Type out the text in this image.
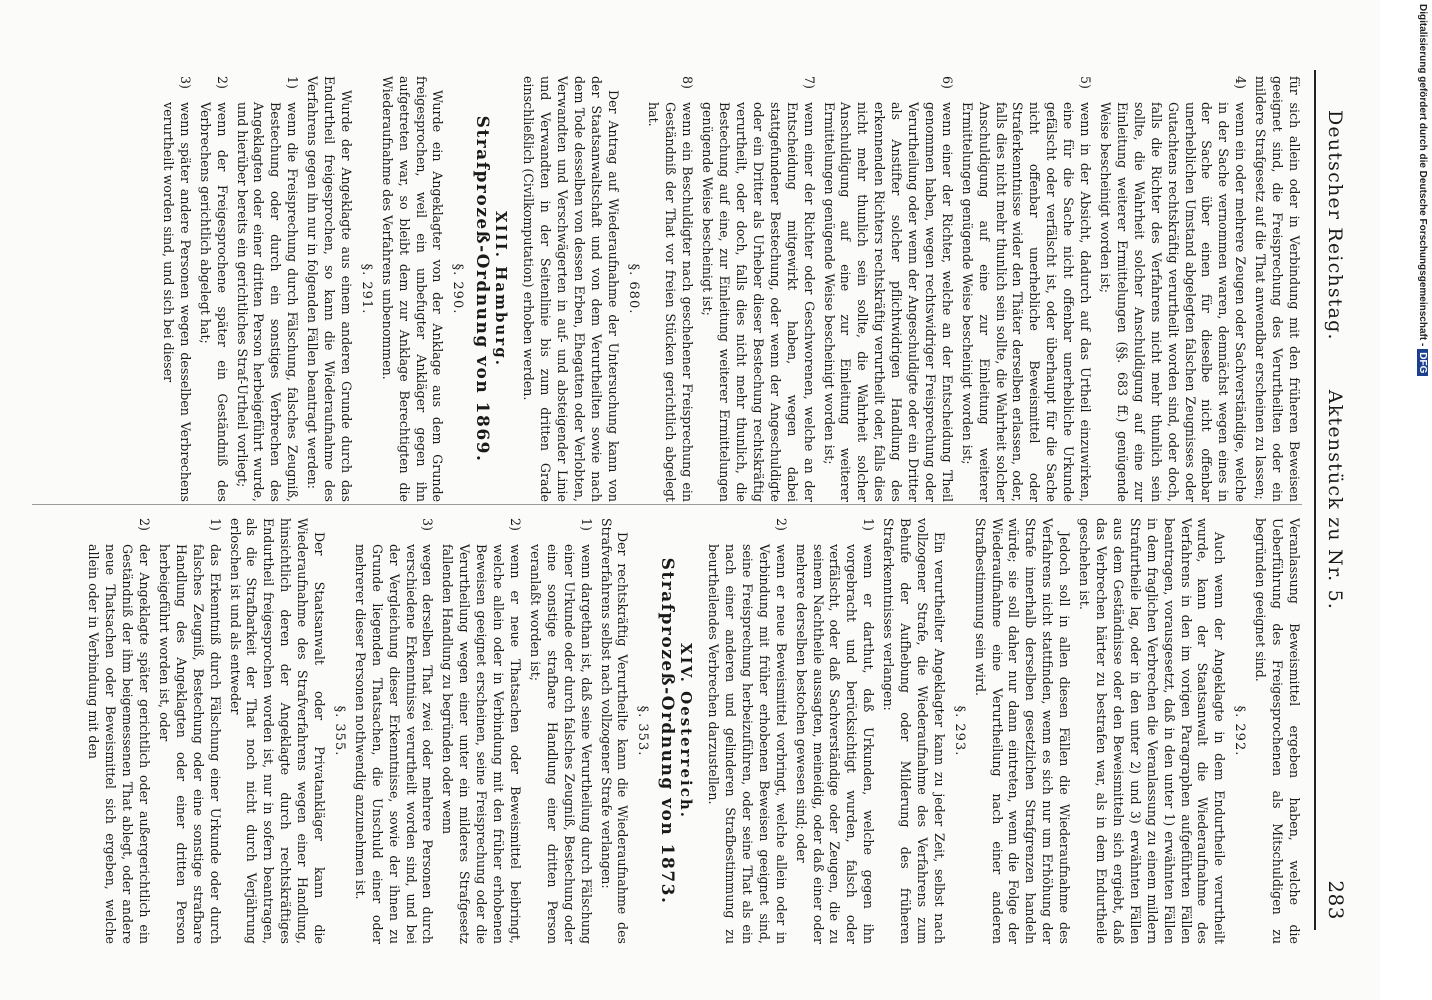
Deutscher Reichstag.
Aktenstück zu Nr. 5.
283

für sich allein oder in Verbindung mit den früheren Beweisen geeignet sind, die Freisprechung des Verurtheilten oder ein mildere Strafgesetz auf die That anwendbar erscheinen zu lassen;

4)
wenn ein oder mehrere Zeugen oder Sachverständige, welche in der Sache vernommen waren, demnächst wegen eines in der Sache über einen für dieselbe nicht offenbar unerheblichen Umstand abgelegten falschen Zeugnisses oder Gutachtens rechtskräftig verurtheilt worden sind, oder doch, falls die Richter des Verfahrens nicht mehr thunlich sein sollte, die Wahrheit solcher Anschuldigung auf eine zur Einleitung weiterer Ermittelungen (§§. 683 ff.) genügende Weise bescheinigt worden ist;
5)
wenn in der Absicht, dadurch auf das Urtheil einzuwirken, eine für die Sache nicht offenbar unerhebliche Urkunde gefälscht oder verfälscht ist, oder überhaupt für die Sache nicht offenbar unerhebliche Beweismittel oder Straferkenntnisse wider den Thäter derselben erlassen, oder, falls dies nicht mehr thunlich sein sollte, die Wahrheit solcher Anschuldigung auf eine zur Einleitung weiterer Ermittelungen genügende Weise bescheinigt worden ist;
6)
wenn einer der Richter, welche an der Entscheidung Theil genommen haben, wegen rechtswidriger Freisprechung oder Verurtheilung oder wenn der Angeschuldigte oder ein Dritter als Anstifter solcher pflichtwidrigen Handlung des erkennenden Richters rechtskräftig verurtheilt oder, falls dies nicht mehr thunlich sein sollte, die Wahrheit solcher Anschuldigung auf eine zur Einleitung weiterer Ermittelungen genügende Weise bescheinigt worden ist;
7)
wenn einer der Richter oder Geschworenen, welche an der Entscheidung mitgewirkt haben, wegen dabei stattgefundener Bestechung, oder wenn der Angeschuldigte oder ein Dritter als Urheber dieser Bestechung rechtskräftig verurtheilt, oder doch, falls dies nicht mehr thunlich, die Bestechung auf eine, zur Einleitung weiterer Ermittelungen genügende Weise bescheinigt ist;
8)
wenn ein Beschuldigter nach geschehener Freisprechung ein Geständniß der That vor freien Stücken gerichtlich abgelegt hat.
§. 680.

Der Antrag auf Wiederaufnahme der Untersuchung kann von der Staatsanwaltschaft und von dem Verurtheilten sowie nach dem Tode desselben von dessen Erben, Ehegatten oder Verlobten, Verwandten und Verschwägerten in auf- und absteigender Linie und Verwandten in der Seitenlinie bis zum dritten Grade einschließlich (Civilkomputation) erhoben werden.

XIII. Hamburg.
Strafprozeß-Ordnung von 1869.
§. 290.

Wurde ein Angeklagter von der Anklage aus dem Grunde freigesprochen, weil ein unbefugter Ankläger gegen ihn aufgetreten war, so bleibt dem zur Anklage Berechtigten die Wiederaufnahme des Verfahrens unbenommen.

§. 291.

Wurde der Angeklagte aus einem anderen Grunde durch das Endurtheil freigesprochen, so kann die Wiederaufnahme des Verfahrens gegen ihn nur in folgenden Fällen beantragt werden:

1)
wenn die Freisprechung durch Fälschung, falsches Zeugniß, Bestechung oder durch ein sonstiges Verbrechen des Angeklagten oder einer dritten Person herbeigeführt wurde, und hierüber bereits ein gerichtliches Straf-Urtheil vorliegt;
2)
wenn der Freigesprochene später ein Geständniß des Verbrechens gerichtlich abgelegt hat;
3)
wenn später andere Personen wegen desselben Verbrechens verurtheilt worden sind, und sich bei dieser

Veranlassung Beweismittel ergeben haben, welche die Ueberführung des Freigesprochenen als Mitschuldigen zu begründen geeignet sind.

§. 292.

Auch wenn der Angeklagte in dem Endurtheile verurtheilt wurde, kann der Staatsanwalt die Wiederaufnahme des Verfahrens in den im vorigen Paragraphen aufgeführten Fällen beantragen, vorausgesetzt, daß in den unter 1) erwähnten Fällen in dem fraglichen Verbrechen die Veranlassung zu einem mildern Strafurtheile lag, oder in den unter 2) und 3) erwähnten Fällen aus dem Geständnisse oder den Beweismitteln sich ergiebt, daß das Verbrechen härter zu bestrafen war, als in dem Endurtheile geschehen ist.

Jedoch soll in allen diesen Fällen die Wiederaufnahme des Verfahrens nicht stattfinden, wenn es sich nur um Erhöhung der Strafe innerhalb derselben gesetzlichen Strafgrenzen handeln würde; sie soll daher nur dann eintreten, wenn die Folge der Wiederaufnahme eine Verurtheilung nach einer anderen Strafbestimmung sein wird.

§. 293.

Ein verurtheilter Angeklagter kann zu jeder Zeit, selbst nach vollzogener Strafe, die Wiederaufnahme des Verfahrens zum Behufe der Aufhebung oder Milderung des früheren Straferkenntnisses verlangen:

1)
wenn er darthut, daß Urkunden, welche gegen ihn vorgebracht und berücksichtigt wurden, falsch oder verfälscht, oder daß Sachverständige oder Zeugen, die zu seinem Nachtheile aussagten, meineidig, oder daß einer oder mehrere derselben bestochen gewesen sind; oder
2)
wenn er neue Beweismittel vorbringt, welche allein oder in Verbindung mit früher erhobenen Beweisen geeignet sind, seine Freisprechung herbeizuführen, oder seine That als ein nach einer anderen und gelinderen Strafbestimmung zu beurtheilendes Verbrechen darzustellen.
XIV. Oesterreich.
Strafprozeß-Ordnung von 1873.
§. 353.

Der rechtskräftig Verurtheilte kann die Wiederaufnahme des Strafverfahrens selbst nach vollzogener Strafe verlangen:

1)
wenn dargethan ist, daß seine Verurtheilung durch Fälschung einer Urkunde oder durch falsches Zeugniß, Bestechung oder eine sonstige strafbare Handlung einer dritten Person veranlaßt worden ist;
2)
wenn er neue Thatsachen oder Beweismittel beibringt, welche allein oder in Verbindung mit den früher erhobenen Beweisen geeignet erscheinen, seine Freisprechung oder die Verurtheilung wegen einer unter ein milderes Strafgesetz fallenden Handlung zu begründen oder wenn
3)
wegen derselben That zwei oder mehrere Personen durch verschiedene Erkenntnisse verurtheilt worden sind, und bei der Vergleichung dieser Erkenntnisse, sowie der ihnen zu Grunde liegenden Thatsachen, die Unschuld einer oder mehrerer dieser Personen nothwendig anzunehmen ist.
§. 355.

Der Staatsanwalt oder Privatankläger kann die Wiederaufnahme des Strafverfahrens wegen einer Handlung, hinsichtlich deren der Angeklagte durch rechtskräftiges Endurtheil freigesprochen worden ist, nur in sofern beantragen, als die Strafbarkeit der That noch nicht durch Verjährung erloschen ist und als entweder

1)
das Erkenntniß durch Fälschung einer Urkunde oder durch falsches Zeugniß, Bestechung oder eine sonstige strafbare Handlung des Angeklagten oder einer dritten Person herbeigeführt worden ist, oder
2)
der Angeklagte später gerichtlich oder außergerichtlich ein Geständniß der ihm beigemessenen That ablegt, oder andere neue Thatsachen oder Beweismittel sich ergeben, welche allein oder in Verbindung mit den
Digitalisierung gefördert durch die Deutsche Forschungsgemeinschaft -DFG
